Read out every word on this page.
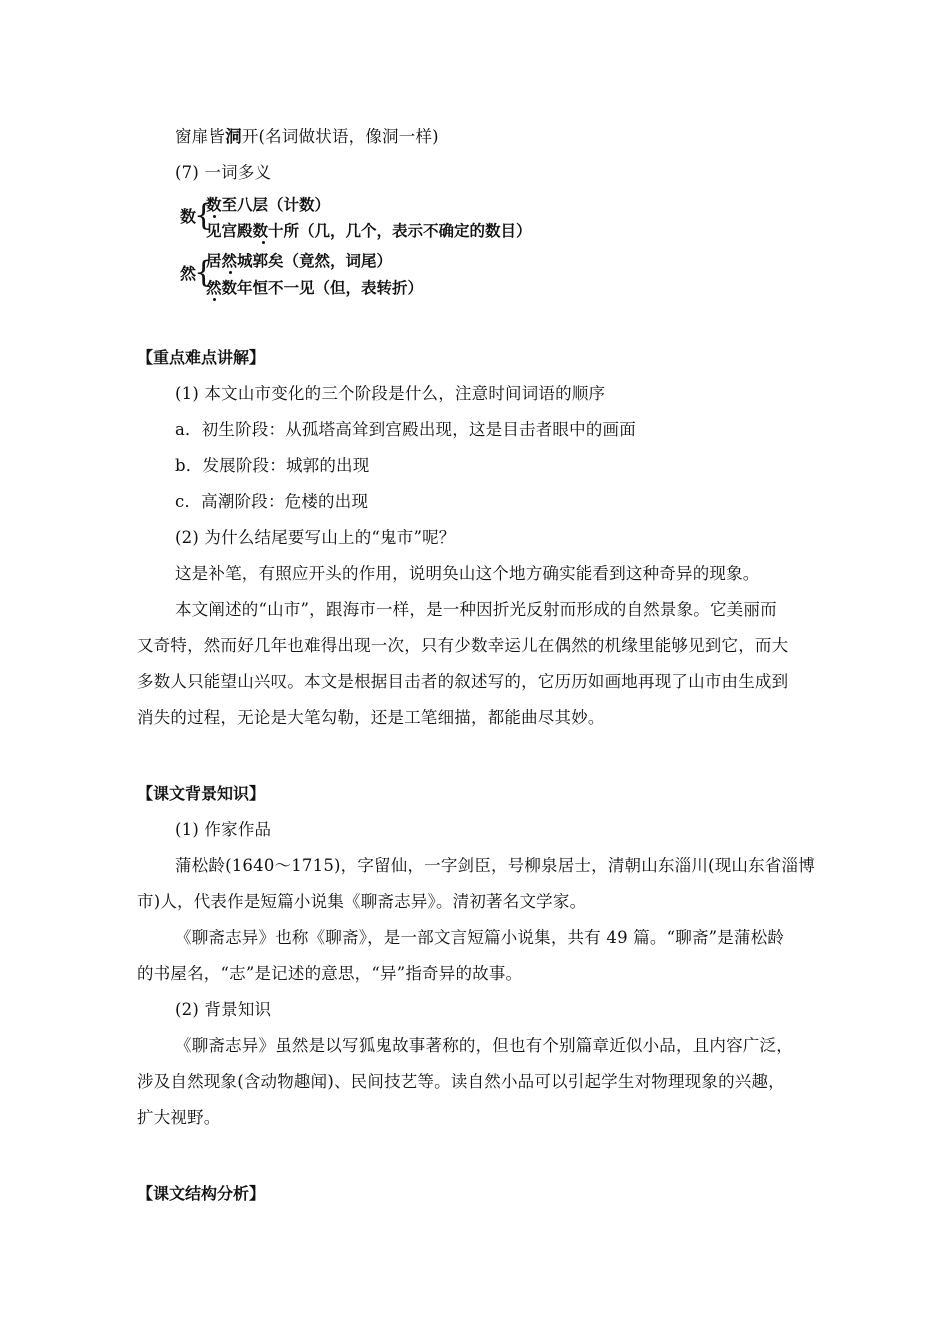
窗扉皆洞开(名词做状语，像洞一样)
(7) 一词多义
数
{
数至八层（计数）
见宫殿数十所（几，几个，表示不确定的数目）
然
{
居然城郭矣（竟然，词尾）
然数年恒不一见（但，表转折）
【重点难点讲解】
(1) 本文山市变化的三个阶段是什么，注意时间词语的顺序
a．初生阶段：从孤塔高耸到宫殿出现，这是目击者眼中的画面
b．发展阶段：城郭的出现
c．高潮阶段：危楼的出现
(2) 为什么结尾要写山上的“鬼市”呢？
这是补笔，有照应开头的作用，说明奂山这个地方确实能看到这种奇异的现象。
本文阐述的“山市”，跟海市一样，是一种因折光反射而形成的自然景象。它美丽而
又奇特，然而好几年也难得出现一次，只有少数幸运儿在偶然的机缘里能够见到它，而大
多数人只能望山兴叹。本文是根据目击者的叙述写的，它历历如画地再现了山市由生成到
消失的过程，无论是大笔勾勒，还是工笔细描，都能曲尽其妙。
【课文背景知识】
(1) 作家作品
蒲松龄(1640～1715)，字留仙，一字剑臣，号柳泉居士，清朝山东淄川(现山东省淄博
市)人，代表作是短篇小说集《聊斋志异》。清初著名文学家。
《聊斋志异》也称《聊斋》，是一部文言短篇小说集，共有 49 篇。“聊斋”是蒲松龄
的书屋名，“志”是记述的意思，“异”指奇异的故事。
(2) 背景知识
《聊斋志异》虽然是以写狐鬼故事著称的，但也有个别篇章近似小品，且内容广泛，
涉及自然现象(含动物趣闻)、民间技艺等。读自然小品可以引起学生对物理现象的兴趣，
扩大视野。
【课文结构分析】
